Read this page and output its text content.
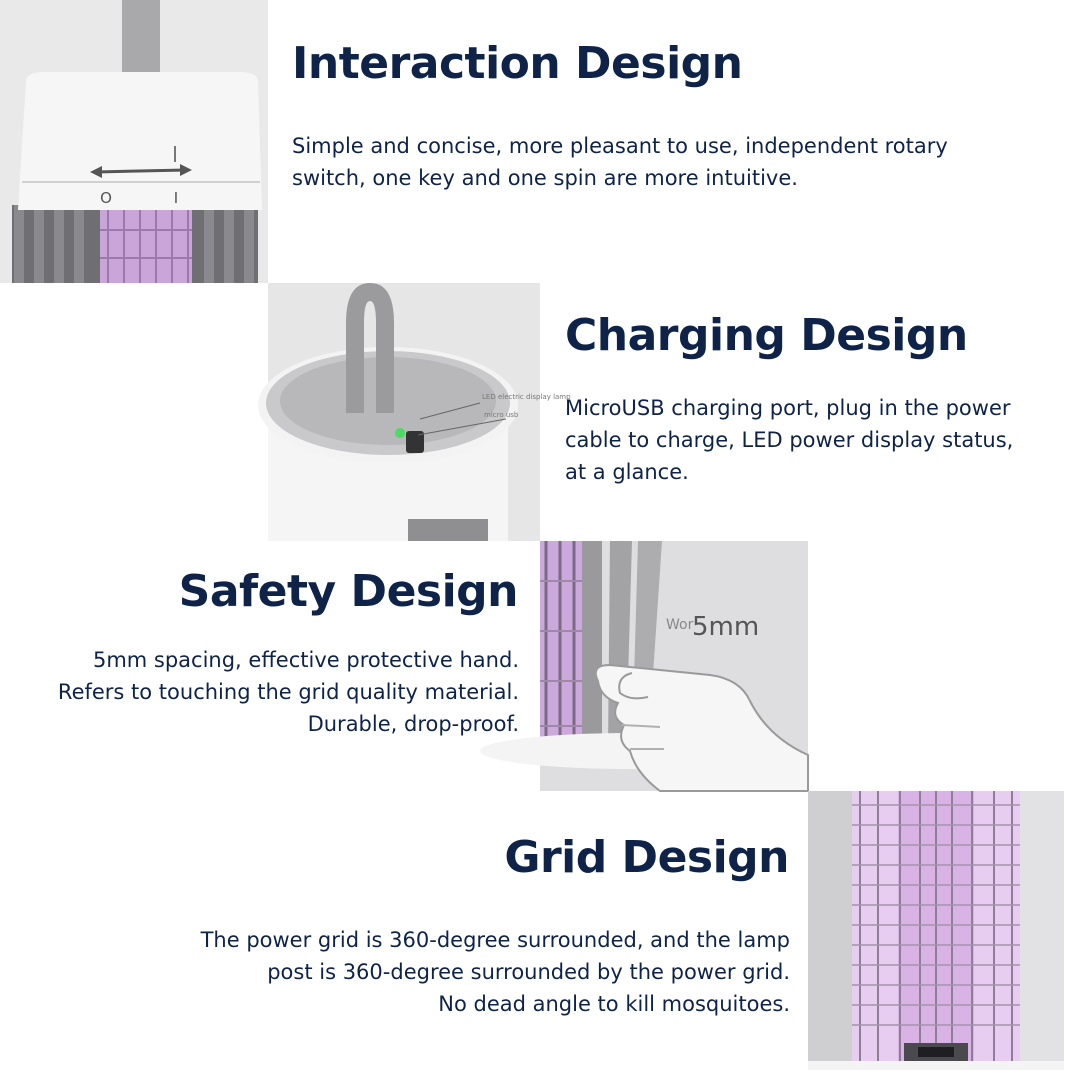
O	I
Interaction Design
Simple and concise, more pleasant to use, independent rotary
switch, one key and one spin are more intuitive.
LED electric display lamp
micro usb
Charging Design
MicroUSB charging port, plug in the power
cable to charge, LED power display status,
at a glance.
Safety Design
5mm spacing, effective protective hand.
Refers to touching the grid quality material.
Durable, drop-proof.
Wor
5mm
Grid Design
The power grid is 360-degree surrounded, and the lamp
post is 360-degree surrounded by the power grid.
No dead angle to kill mosquitoes.
